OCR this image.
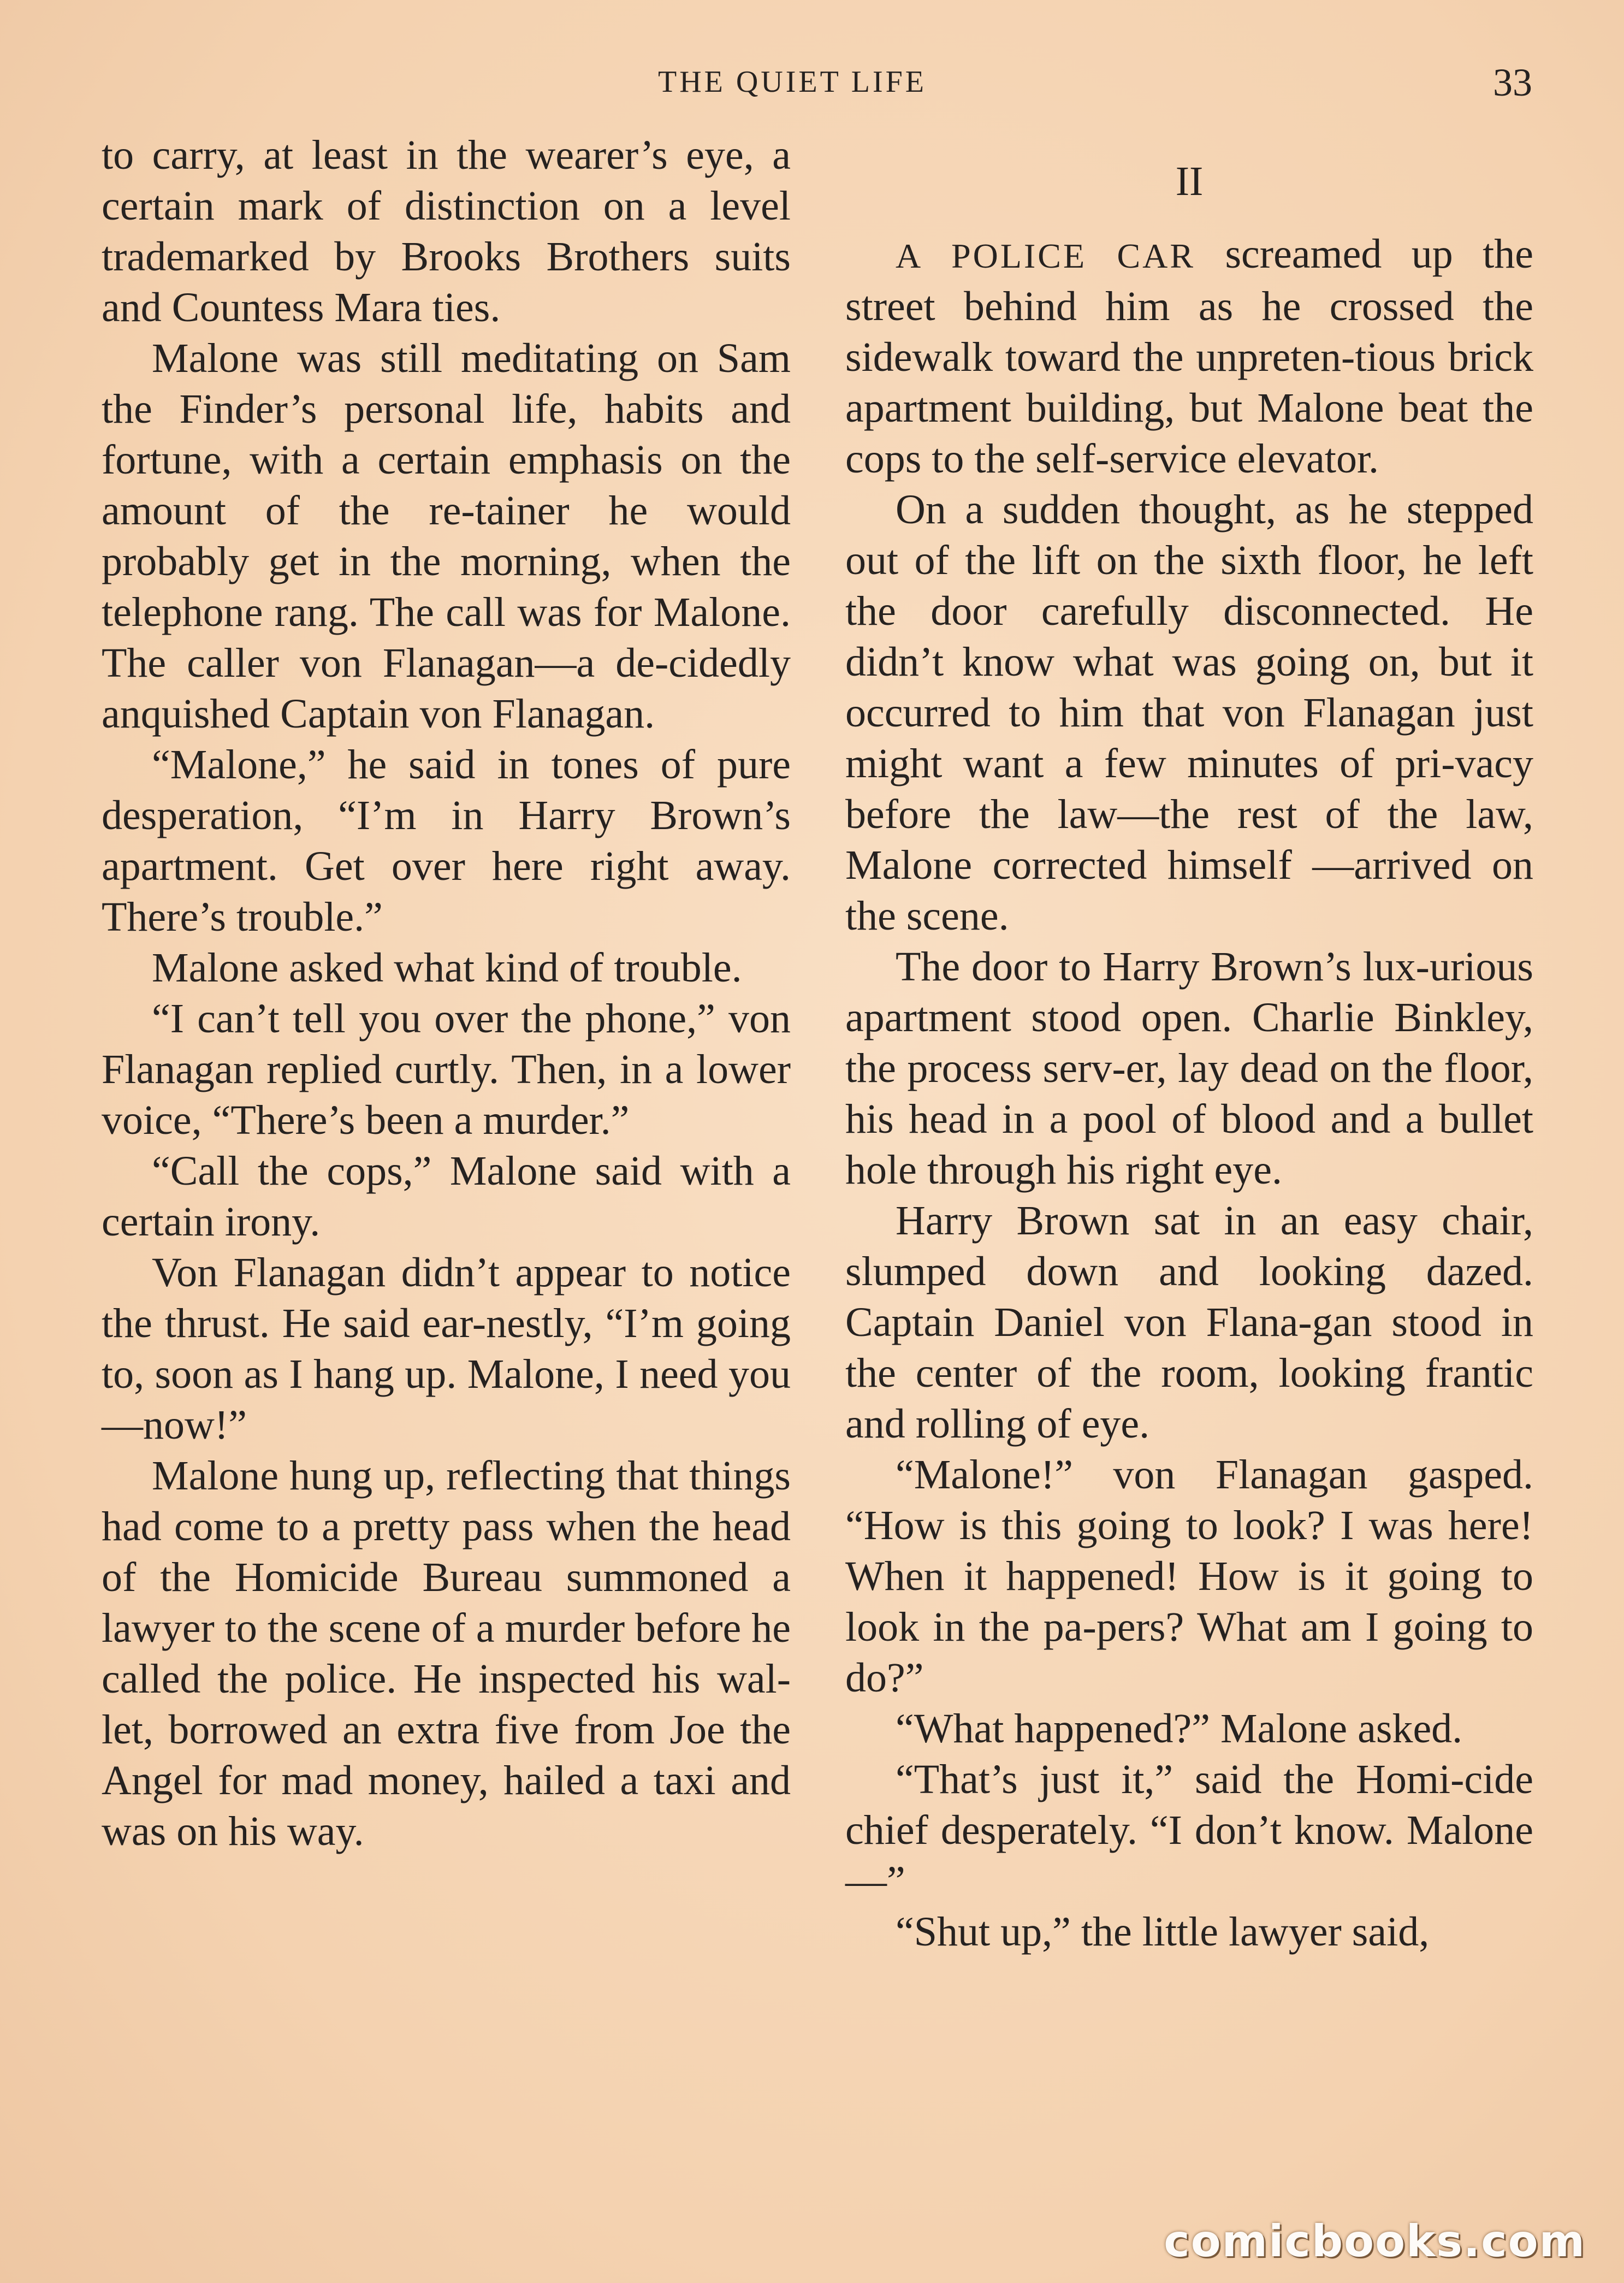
THE QUIET LIFE	33

to carry, at least in the wearer’s eye, a certain mark of distinction on a level trademarked by Brooks Brothers suits and Countess Mara ties.

Malone was still meditating on Sam the Finder’s personal life, habits and fortune, with a certain emphasis on the amount of the re-tainer he would probably get in the morning, when the telephone rang. The call was for Malone. The caller von Flanagan—a de-cidedly anquished Captain von Flanagan.

“Malone,” he said in tones of pure desperation, “I’m in Harry Brown’s apartment. Get over here right away. There’s trouble.”

Malone asked what kind of trouble.

“I can’t tell you over the phone,” von Flanagan replied curtly. Then, in a lower voice, “There’s been a murder.”

“Call the cops,” Malone said with a certain irony.

Von Flanagan didn’t appear to notice the thrust. He said ear-nestly, “I’m going to, soon as I hang up. Malone, I need you—now!”

Malone hung up, reflecting that things had come to a pretty pass when the head of the Homicide Bureau summoned a lawyer to the scene of a murder before he called the police. He inspected his wal-let, borrowed an extra five from Joe the Angel for mad money, hailed a taxi and was on his way.

II

A POLICE CAR screamed up the street behind him as he crossed the sidewalk toward the unpreten-tious brick apartment building, but Malone beat the cops to the self-service elevator.

On a sudden thought, as he stepped out of the lift on the sixth floor, he left the door carefully disconnected. He didn’t know what was going on, but it occurred to him that von Flanagan just might want a few minutes of pri-vacy before the law—the rest of the law, Malone corrected himself —arrived on the scene.

The door to Harry Brown’s lux-urious apartment stood open. Charlie Binkley, the process serv-er, lay dead on the floor, his head in a pool of blood and a bullet hole through his right eye.

Harry Brown sat in an easy chair, slumped down and looking dazed. Captain Daniel von Flana-gan stood in the center of the room, looking frantic and rolling of eye.

“Malone!” von Flanagan gasped. “How is this going to look? I was here! When it happened! How is it going to look in the pa-pers? What am I going to do?”

“What happened?” Malone asked.

“That’s just it,” said the Homi-cide chief desperately. “I don’t know. Malone—”

“Shut up,” the little lawyer said,

comicbooks.com
